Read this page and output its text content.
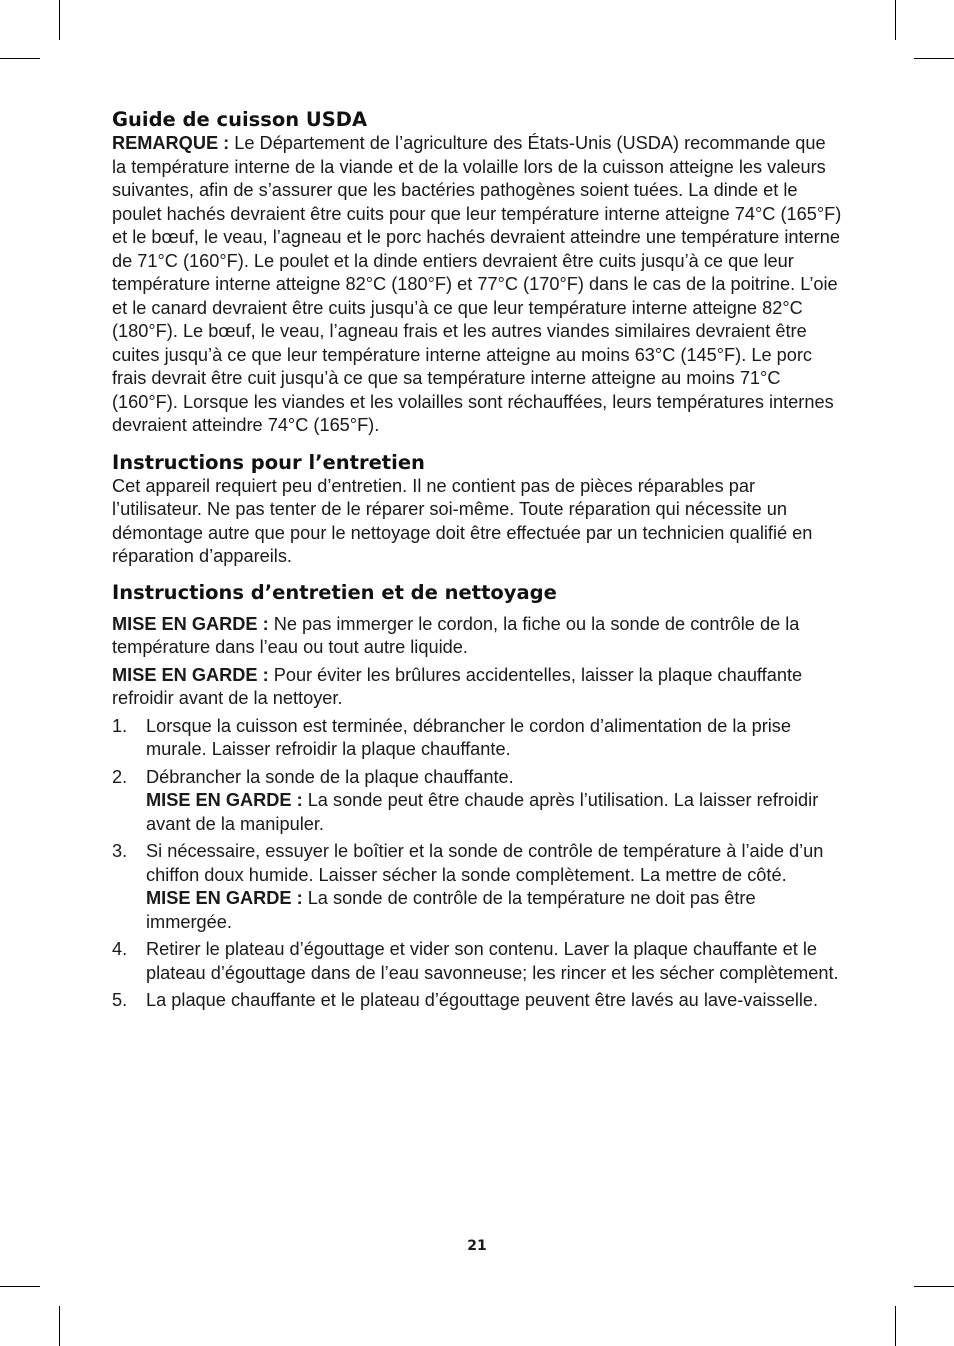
Guide de cuisson USDA

REMARQUE : Le Département de l’agriculture des États-Unis (USDA) recommande que la température interne de la viande et de la volaille lors de la cuisson atteigne les valeurs suivantes, afin de s’assurer que les bactéries pathogènes soient tuées. La dinde et le poulet hachés devraient être cuits pour que leur température interne atteigne 74°C (165°F) et le bœuf, le veau, l’agneau et le porc hachés devraient atteindre une température interne de 71°C (160°F). Le poulet et la dinde entiers devraient être cuits jusqu’à ce que leur température interne atteigne 82°C (180°F) et 77°C (170°F) dans le cas de la poitrine. L’oie et le canard devraient être cuits jusqu’à ce que leur température interne atteigne 82°C (180°F). Le bœuf, le veau, l’agneau frais et les autres viandes similaires devraient être cuites jusqu’à ce que leur température interne atteigne au moins 63°C (145°F). Le porc frais devrait être cuit jusqu’à ce que sa température interne atteigne au moins 71°C (160°F). Lorsque les viandes et les volailles sont réchauffées, leurs températures internes devraient atteindre 74°C (165°F).

Instructions pour l’entretien

Cet appareil requiert peu d’entretien. Il ne contient pas de pièces réparables par l’utilisateur. Ne pas tenter de le réparer soi-même. Toute réparation qui nécessite un démontage autre que pour le nettoyage doit être effectuée par un technicien qualifié en réparation d’appareils.

Instructions d’entretien et de nettoyage

MISE EN GARDE : Ne pas immerger le cordon, la fiche ou la sonde de contrôle de la température dans l’eau ou tout autre liquide.

MISE EN GARDE : Pour éviter les brûlures accidentelles, laisser la plaque chauffante refroidir avant de la nettoyer.

1. Lorsque la cuisson est terminée, débrancher le cordon d’alimentation de la prise murale. Laisser refroidir la plaque chauffante.
2. Débrancher la sonde de la plaque chauffante.
MISE EN GARDE : La sonde peut être chaude après l’utilisation. La laisser refroidir avant de la manipuler.
3. Si nécessaire, essuyer le boîtier et la sonde de contrôle de température à l’aide d’un chiffon doux humide. Laisser sécher la sonde complètement. La mettre de côté.
MISE EN GARDE : La sonde de contrôle de la température ne doit pas être immergée.
4. Retirer le plateau d’égouttage et vider son contenu. Laver la plaque chauffante et le plateau d’égouttage dans de l’eau savonneuse; les rincer et les sécher complètement.
5. La plaque chauffante et le plateau d’égouttage peuvent être lavés au lave-vaisselle.
21
